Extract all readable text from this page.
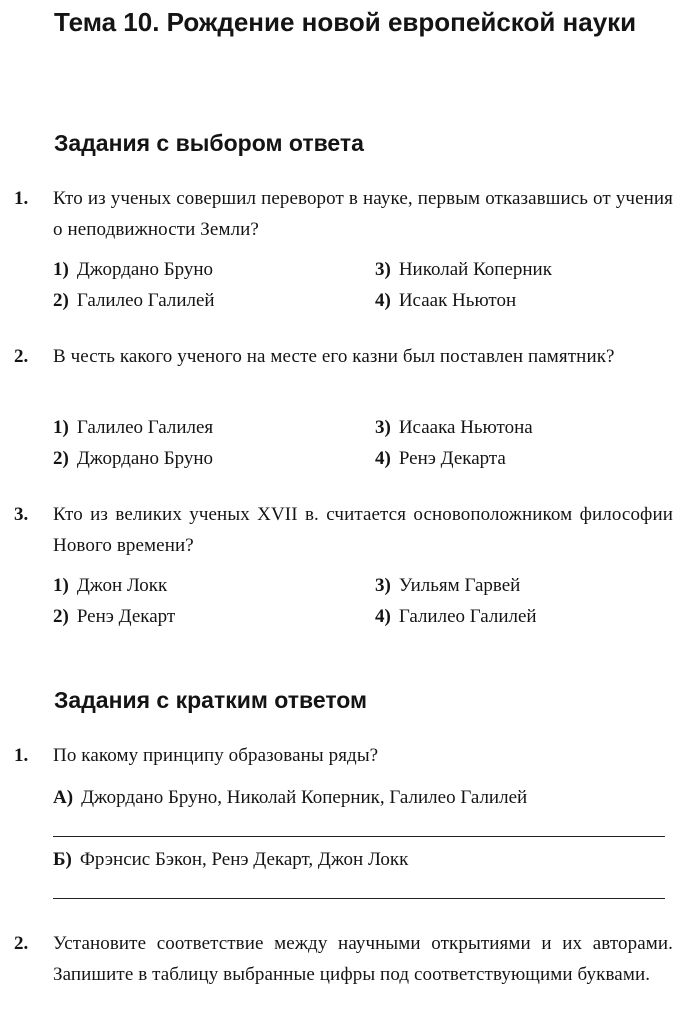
Тема 10. Рождение новой европейской науки
Задания с выбором ответа
1. Кто из ученых совершил переворот в науке, первым отказавшись от учения о неподвижности Земли?
1) Джордано Бруно
2) Галилео Галилей
3) Николай Коперник
4) Исаак Ньютон
2. В честь какого ученого на месте его казни был поставлен памятник?
1) Галилео Галилея
2) Джордано Бруно
3) Исаака Ньютона
4) Ренэ Декарта
3. Кто из великих ученых XVII в. считается основоположником философии Нового времени?
1) Джон Локк
2) Ренэ Декарт
3) Уильям Гарвей
4) Галилео Галилей
Задания с кратким ответом
1. По какому принципу образованы ряды?
А) Джордано Бруно, Николай Коперник, Галилео Галилей
Б) Фрэнсис Бэкон, Ренэ Декарт, Джон Локк
2. Установите соответствие между научными открытиями и их авторами. Запишите в таблицу выбранные цифры под соответствующими буквами.
